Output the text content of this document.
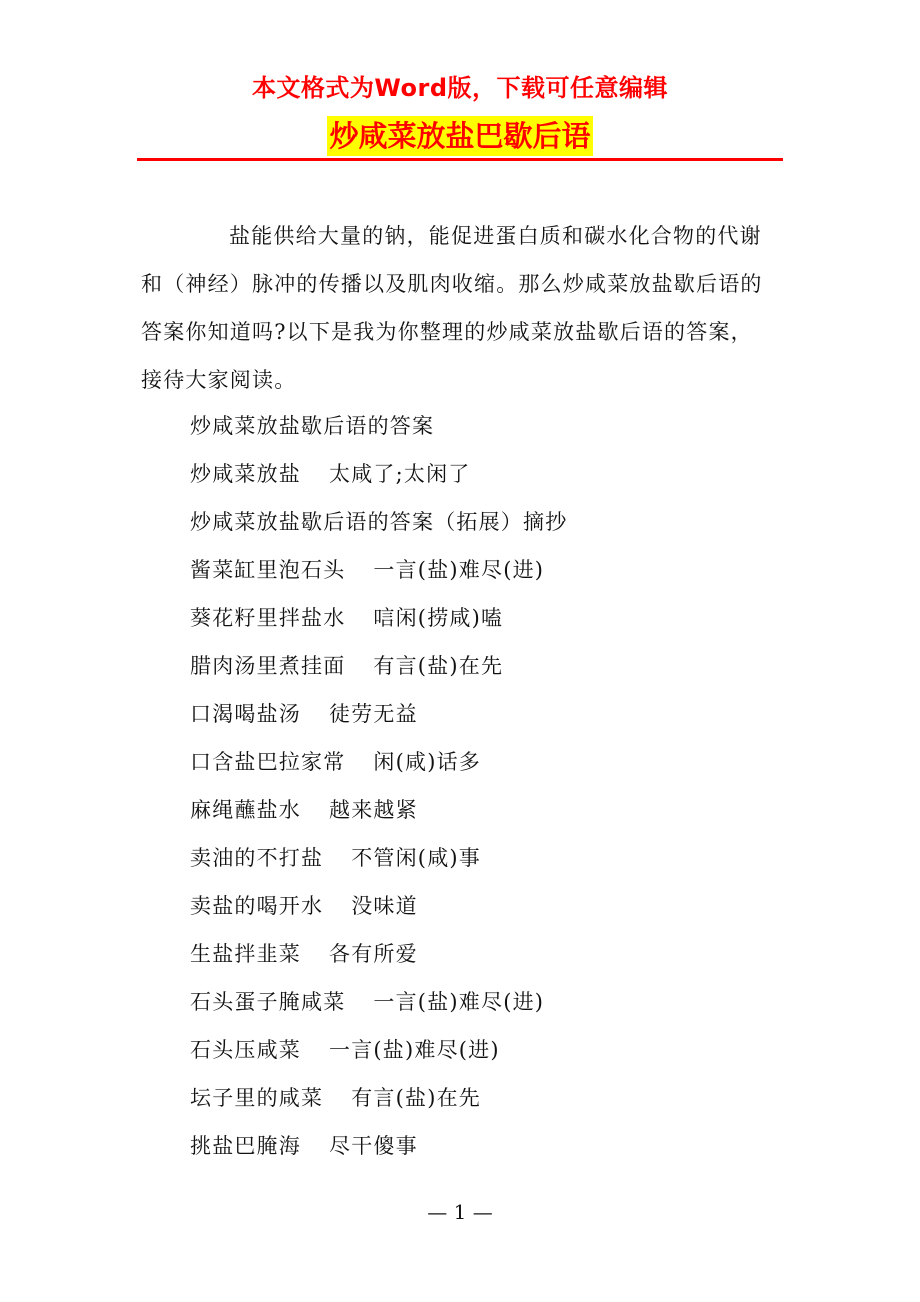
本文格式为Word版，下载可任意编辑
炒咸菜放盐巴歇后语

盐能供给大量的钠，能促进蛋白质和碳水化合物的代谢和（神经）脉冲的传播以及肌肉收缩。那么炒咸菜放盐歇后语的答案你知道吗?以下是我为你整理的炒咸菜放盐歇后语的答案，接待大家阅读。

炒咸菜放盐歇后语的答案
炒咸菜放盐 太咸了;太闲了
炒咸菜放盐歇后语的答案（拓展）摘抄
酱菜缸里泡石头 一言(盐)难尽(进)
葵花籽里拌盐水 唁闲(捞咸)嗑
腊肉汤里煮挂面 有言(盐)在先
口渴喝盐汤 徒劳无益
口含盐巴拉家常 闲(咸)话多
麻绳蘸盐水 越来越紧
卖油的不打盐 不管闲(咸)事
卖盐的喝开水 没味道
生盐拌韭菜 各有所爱
石头蛋子腌咸菜 一言(盐)难尽(进)
石头压咸菜 一言(盐)难尽(进)
坛子里的咸菜 有言(盐)在先
挑盐巴腌海 尽干傻事
— 1 —
